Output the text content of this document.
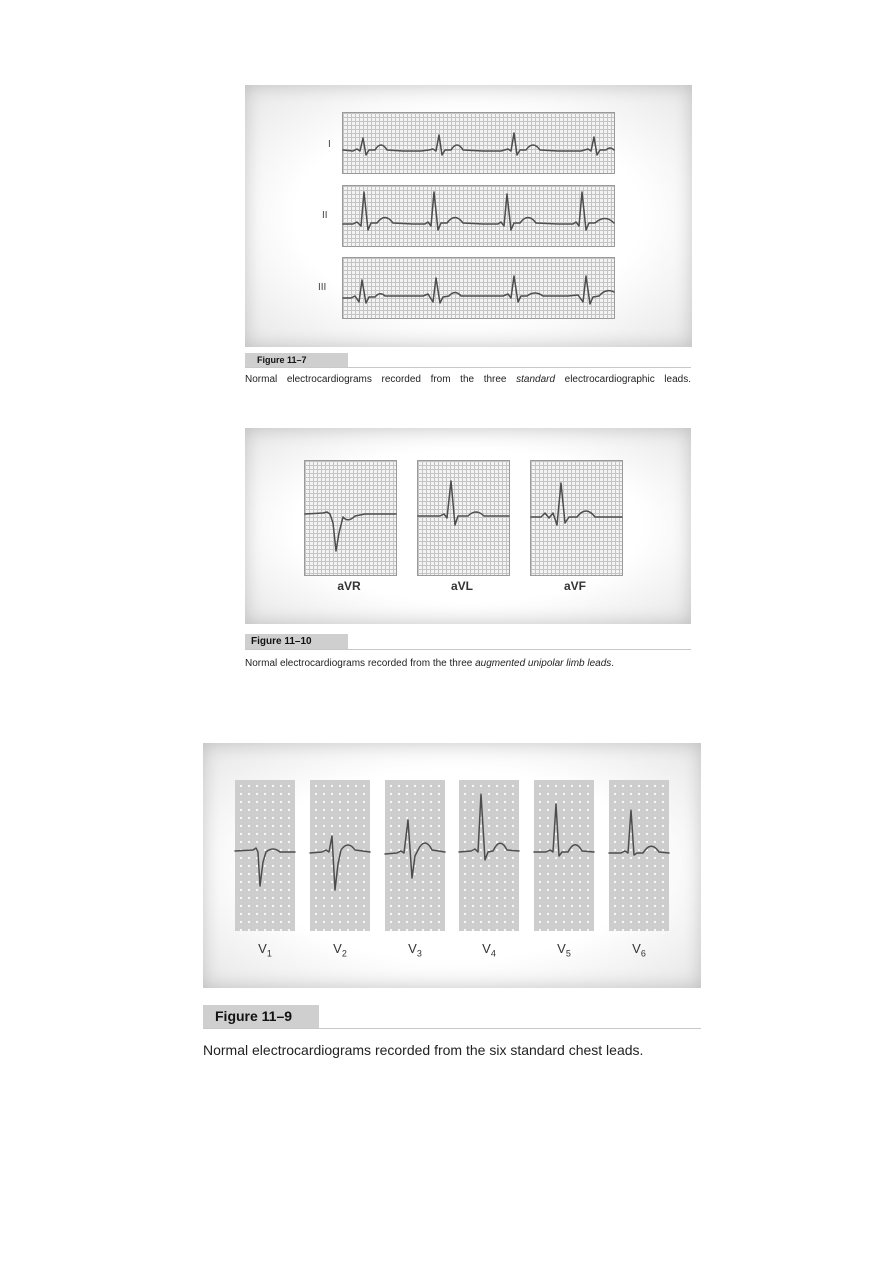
I
II
III
Figure 11–7
Normal electrocardiograms recorded from the three standard electrocardiographic leads.
aVR	aVL	aVF
Figure 11–10
Normal electrocardiograms recorded from the three augmented unipolar limb leads.
$V_1$	$V_2$	$V_3$	$V_4$	$V_5$	$V_6$
Figure 11–9
Normal electrocardiograms recorded from the six standard chest leads.
